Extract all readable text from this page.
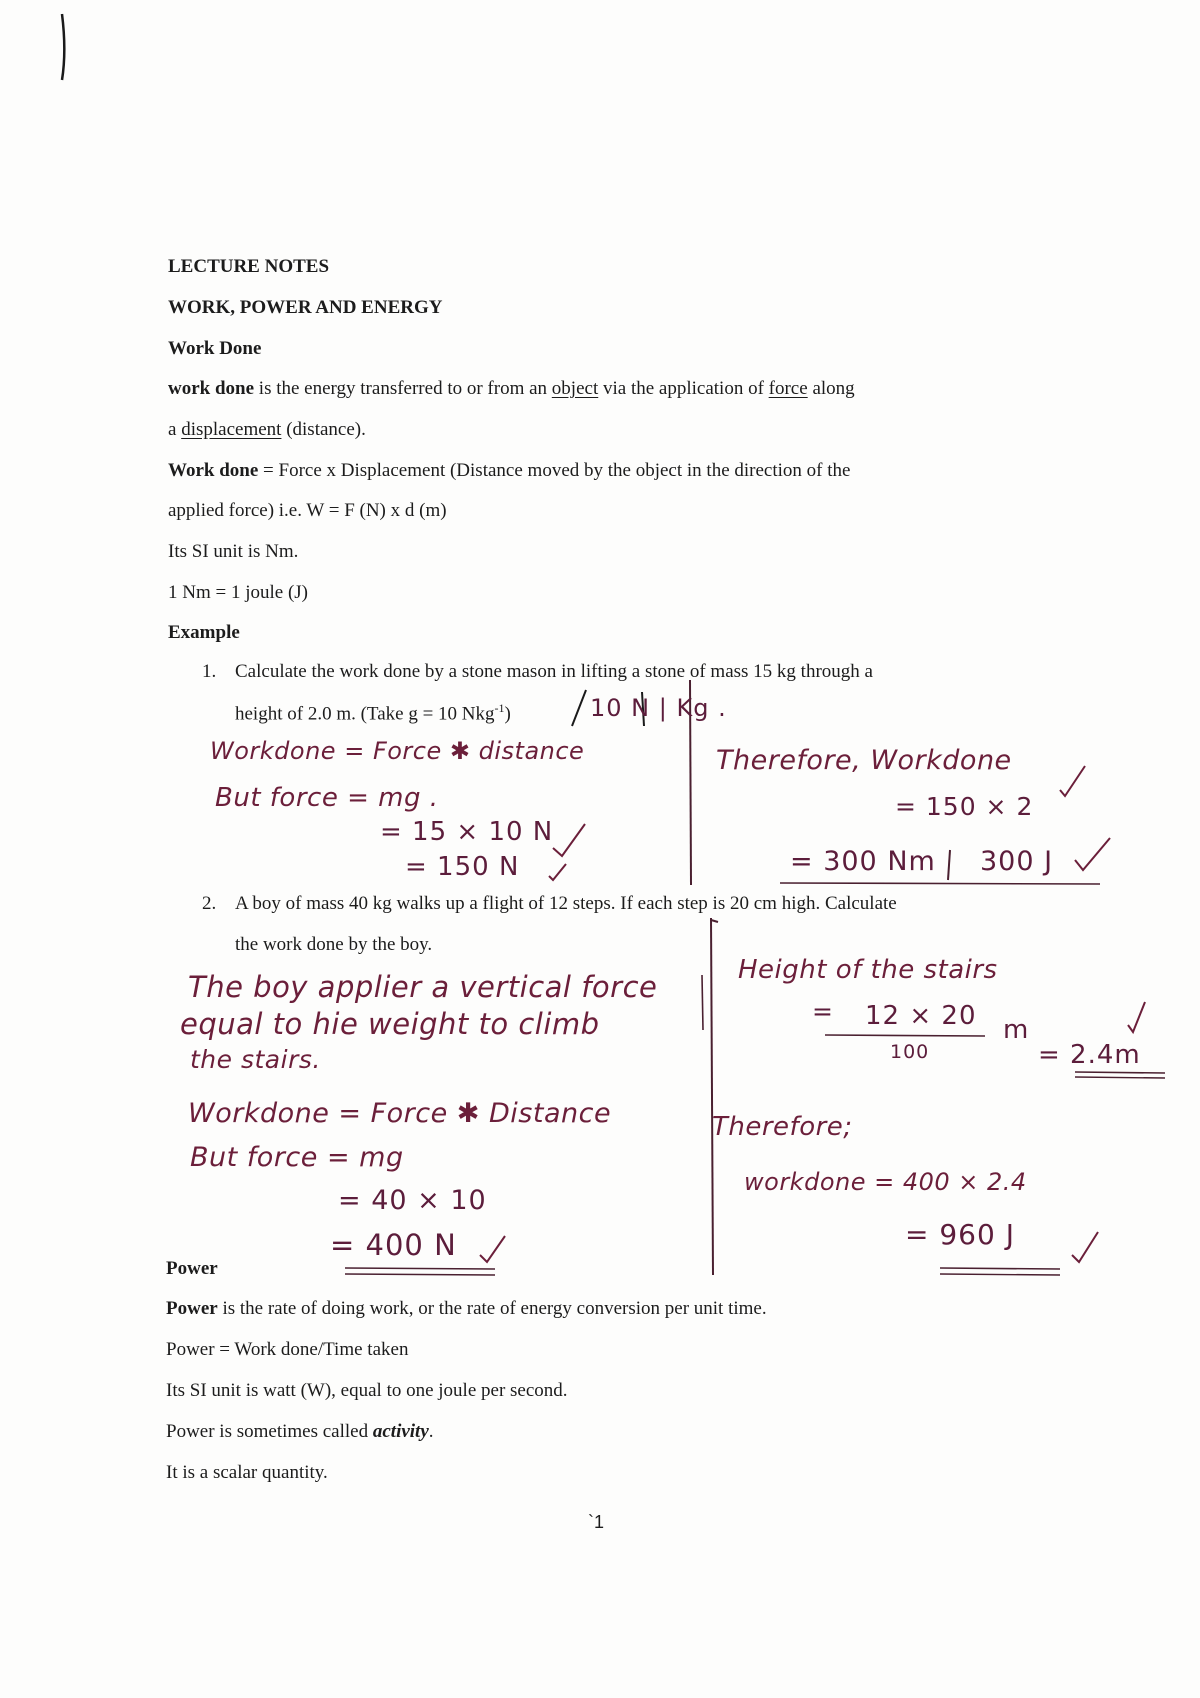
LECTURE NOTES
WORK, POWER AND ENERGY
Work Done
work done is the energy transferred to or from an object via the application of force along
a displacement (distance).
Work done = Force x Displacement (Distance moved by the object in the direction of the
applied force) i.e. W = F (N) x d (m)
Its SI unit is Nm.
1 Nm = 1 joule (J)
Example
1. Calculate the work done by a stone mason in lifting a stone of mass 15 kg through a
height of 2.0 m. (Take g = 10 Nkg$^{-1}$)	10 N | Kg .
Workdone = Force ✱ distance
But force = mg .
= 15 × 10 N
= 150 N
Therefore, Workdone
= 150 × 2
= 300 Nm 300 J
2. A boy of mass 40 kg walks up a flight of 12 steps. If each step is 20 cm high. Calculate
the work done by the boy.
The boy applier a vertical force
equal to hie weight to climb
the stairs.
Workdone = Force ✱ Distance
But force = mg
= 40 × 10
= 400 N
Height of the stairs
= 12 × 20 m
100	= 2.4m
Therefore;
workdone = 400 × 2.4
= 960 J
Power
Power is the rate of doing work, or the rate of energy conversion per unit time.
Power = Work done/Time taken
Its SI unit is watt (W), equal to one joule per second.
Power is sometimes called activity.
It is a scalar quantity.
`1
